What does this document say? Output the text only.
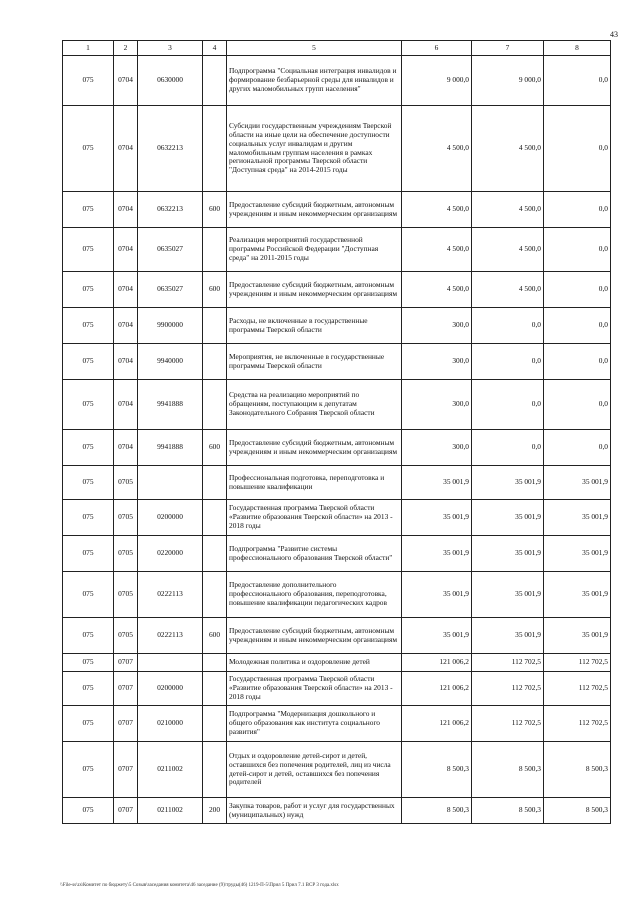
43
1	2	3	4	5	6	7	8
075	0704	0630000		Подпрограмма "Социальная интеграция инвалидов и формирование безбарьерной среды для инвалидов и других маломобильных групп населения"	9 000,0	9 000,0	0,0
075	0704	0632213		Субсидии государственным учреждениям Тверской области на иные цели на обеспечение доступности социальных услуг инвалидам и другим маломобильным группам населения в рамках региональной программы Тверской области "Доступная среда" на 2014-2015 годы	4 500,0	4 500,0	0,0
075	0704	0632213	600	Предоставление субсидий бюджетным, автономным учреждениям и иным некоммерческим организациям	4 500,0	4 500,0	0,0
075	0704	0635027		Реализация мероприятий государственной программы Российской Федерации "Доступная среда" на 2011-2015 годы	4 500,0	4 500,0	0,0
075	0704	0635027	600	Предоставление субсидий бюджетным, автономным учреждениям и иным некоммерческим организациям	4 500,0	4 500,0	0,0
075	0704	9900000		Расходы, не включенные в государственные программы Тверской области	300,0	0,0	0,0
075	0704	9940000		Мероприятия, не включенные в государственные программы Тверской области	300,0	0,0	0,0
075	0704	9941888		Средства на реализацию мероприятий по обращениям, поступающим к депутатам Законодательного Собрания Тверской области	300,0	0,0	0,0
075	0704	9941888	600	Предоставление субсидий бюджетным, автономным учреждениям и иным некоммерческим организациям	300,0	0,0	0,0
075	0705			Профессиональная подготовка, переподготовка и повышение квалификации	35 001,9	35 001,9	35 001,9
075	0705	0200000		Государственная программа Тверской области «Развитие образования Тверской области» на 2013 - 2018 годы	35 001,9	35 001,9	35 001,9
075	0705	0220000		Подпрограмма "Развитие системы профессионального образования Тверской области"	35 001,9	35 001,9	35 001,9
075	0705	0222113		Предоставление дополнительного профессионального образования, переподготовка, повышение квалификации педагогических кадров	35 001,9	35 001,9	35 001,9
075	0705	0222113	600	Предоставление субсидий бюджетным, автономным учреждениям и иным некоммерческим организациям	35 001,9	35 001,9	35 001,9
075	0707			Молодежная политика и оздоровление детей	121 006,2	112 702,5	112 702,5
075	0707	0200000		Государственная программа Тверской области «Развитие образования Тверской области» на 2013 - 2018 годы	121 006,2	112 702,5	112 702,5
075	0707	0210000		Подпрограмма "Модернизация дошкольного и общего образования как института социального развития"	121 006,2	112 702,5	112 702,5
075	0707	0211002		Отдых и оздоровление детей-сирот и детей, оставшихся без попечения родителей, лиц из числа детей-сирот и детей, оставшихся без попечения родителей	8 500,3	8 500,3	8 500,3
075	0707	0211002	200	Закупка товаров, работ и услуг для государственных (муниципальных) нужд	8 500,3	8 500,3	8 500,3
\\File-ss\zs\Комитет по бюджету\5 Созыв\заседания комитета\46 заседание (9)\труды(46) 1219-П-5\Прил 5 Прил 7.1 ВСР 3 года.xlsx
